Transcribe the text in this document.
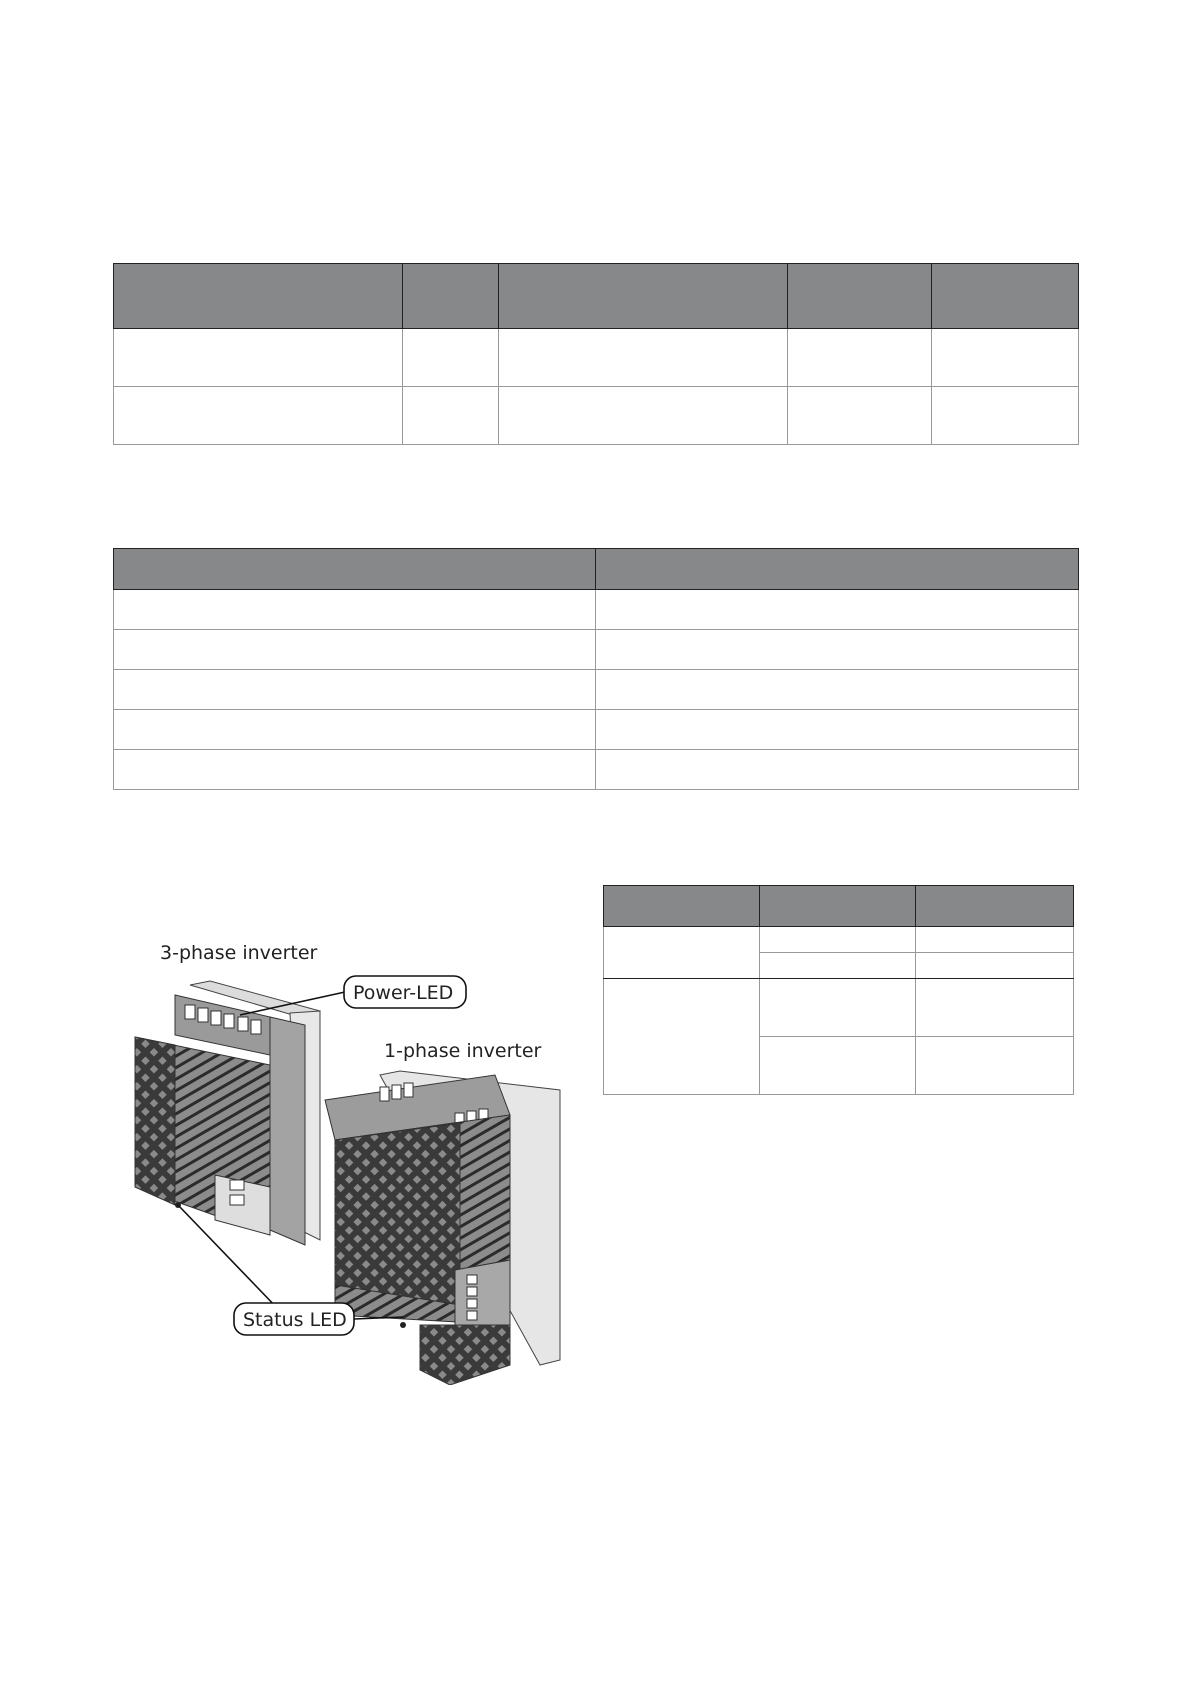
3-phase inverter
1-phase inverter
Power-LED
Status LED
